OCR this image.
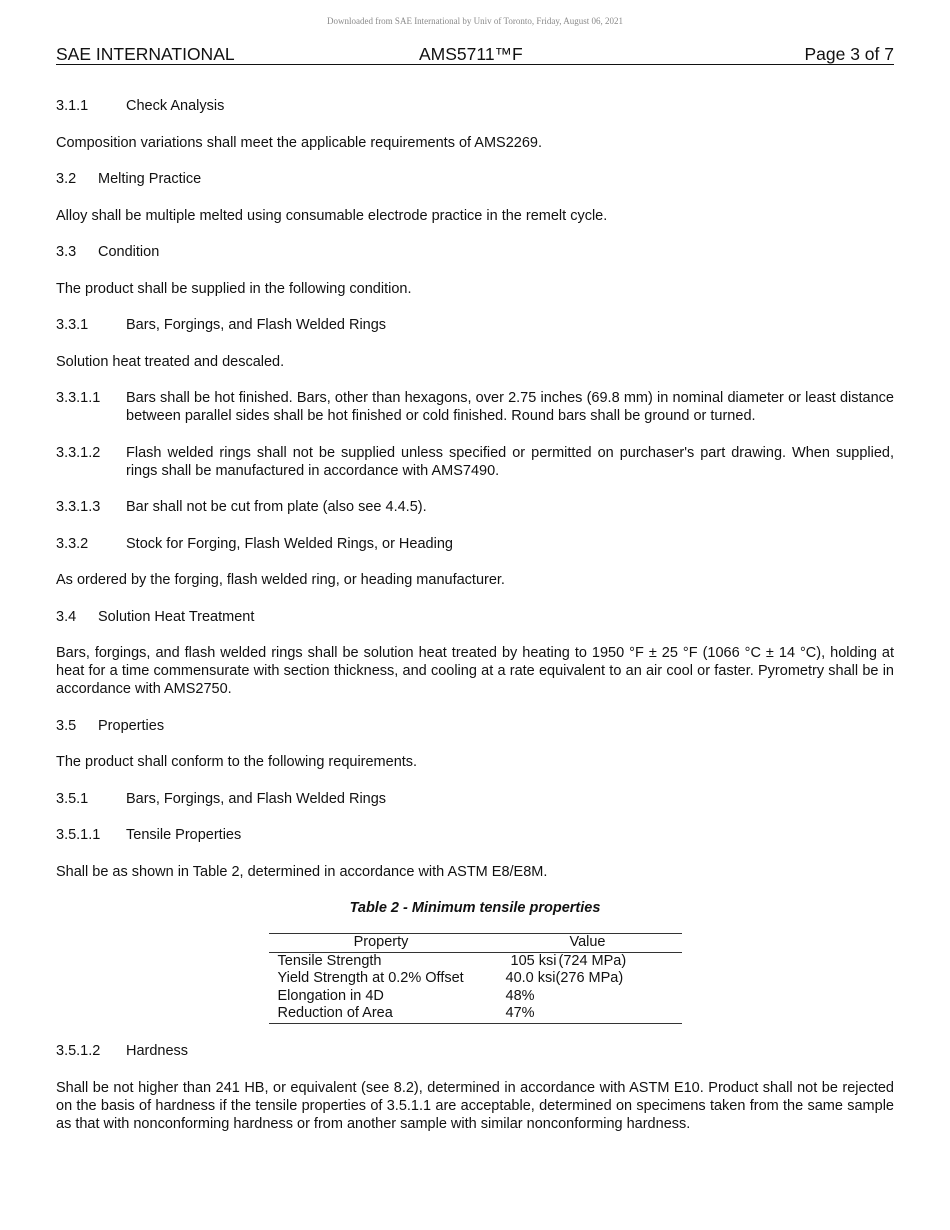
Downloaded from SAE International by Univ of Toronto, Friday, August 06, 2021
SAE INTERNATIONAL	AMS5711™F	Page 3 of 7
3.1.1	Check Analysis
Composition variations shall meet the applicable requirements of AMS2269.
3.2 Melting Practice
Alloy shall be multiple melted using consumable electrode practice in the remelt cycle.
3.3 Condition
The product shall be supplied in the following condition.
3.3.1	Bars, Forgings, and Flash Welded Rings
Solution heat treated and descaled.
3.3.1.1	Bars shall be hot finished. Bars, other than hexagons, over 2.75 inches (69.8 mm) in nominal diameter or least distance between parallel sides shall be hot finished or cold finished. Round bars shall be ground or turned.
3.3.1.2	Flash welded rings shall not be supplied unless specified or permitted on purchaser's part drawing. When supplied, rings shall be manufactured in accordance with AMS7490.
3.3.1.3	Bar shall not be cut from plate (also see 4.4.5).
3.3.2	Stock for Forging, Flash Welded Rings, or Heading
As ordered by the forging, flash welded ring, or heading manufacturer.
3.4 Solution Heat Treatment
Bars, forgings, and flash welded rings shall be solution heat treated by heating to 1950 °F ± 25 °F (1066 °C ± 14 °C), holding at heat for a time commensurate with section thickness, and cooling at a rate equivalent to an air cool or faster. Pyrometry shall be in accordance with AMS2750.
3.5 Properties
The product shall conform to the following requirements.
3.5.1	Bars, Forgings, and Flash Welded Rings
3.5.1.1 Tensile Properties
Shall be as shown in Table 2, determined in accordance with ASTM E8/E8M.
Table 2 - Minimum tensile properties
Property	Value
Tensile Strength	105 ksi (724 MPa)
Yield Strength at 0.2% Offset	40.0 ksi(276 MPa)
Elongation in 4D	48%
Reduction of Area	47%
3.5.1.2 Hardness
Shall be not higher than 241 HB, or equivalent (see 8.2), determined in accordance with ASTM E10. Product shall not be rejected on the basis of hardness if the tensile properties of 3.5.1.1 are acceptable, determined on specimens taken from the same sample as that with nonconforming hardness or from another sample with similar nonconforming hardness.
